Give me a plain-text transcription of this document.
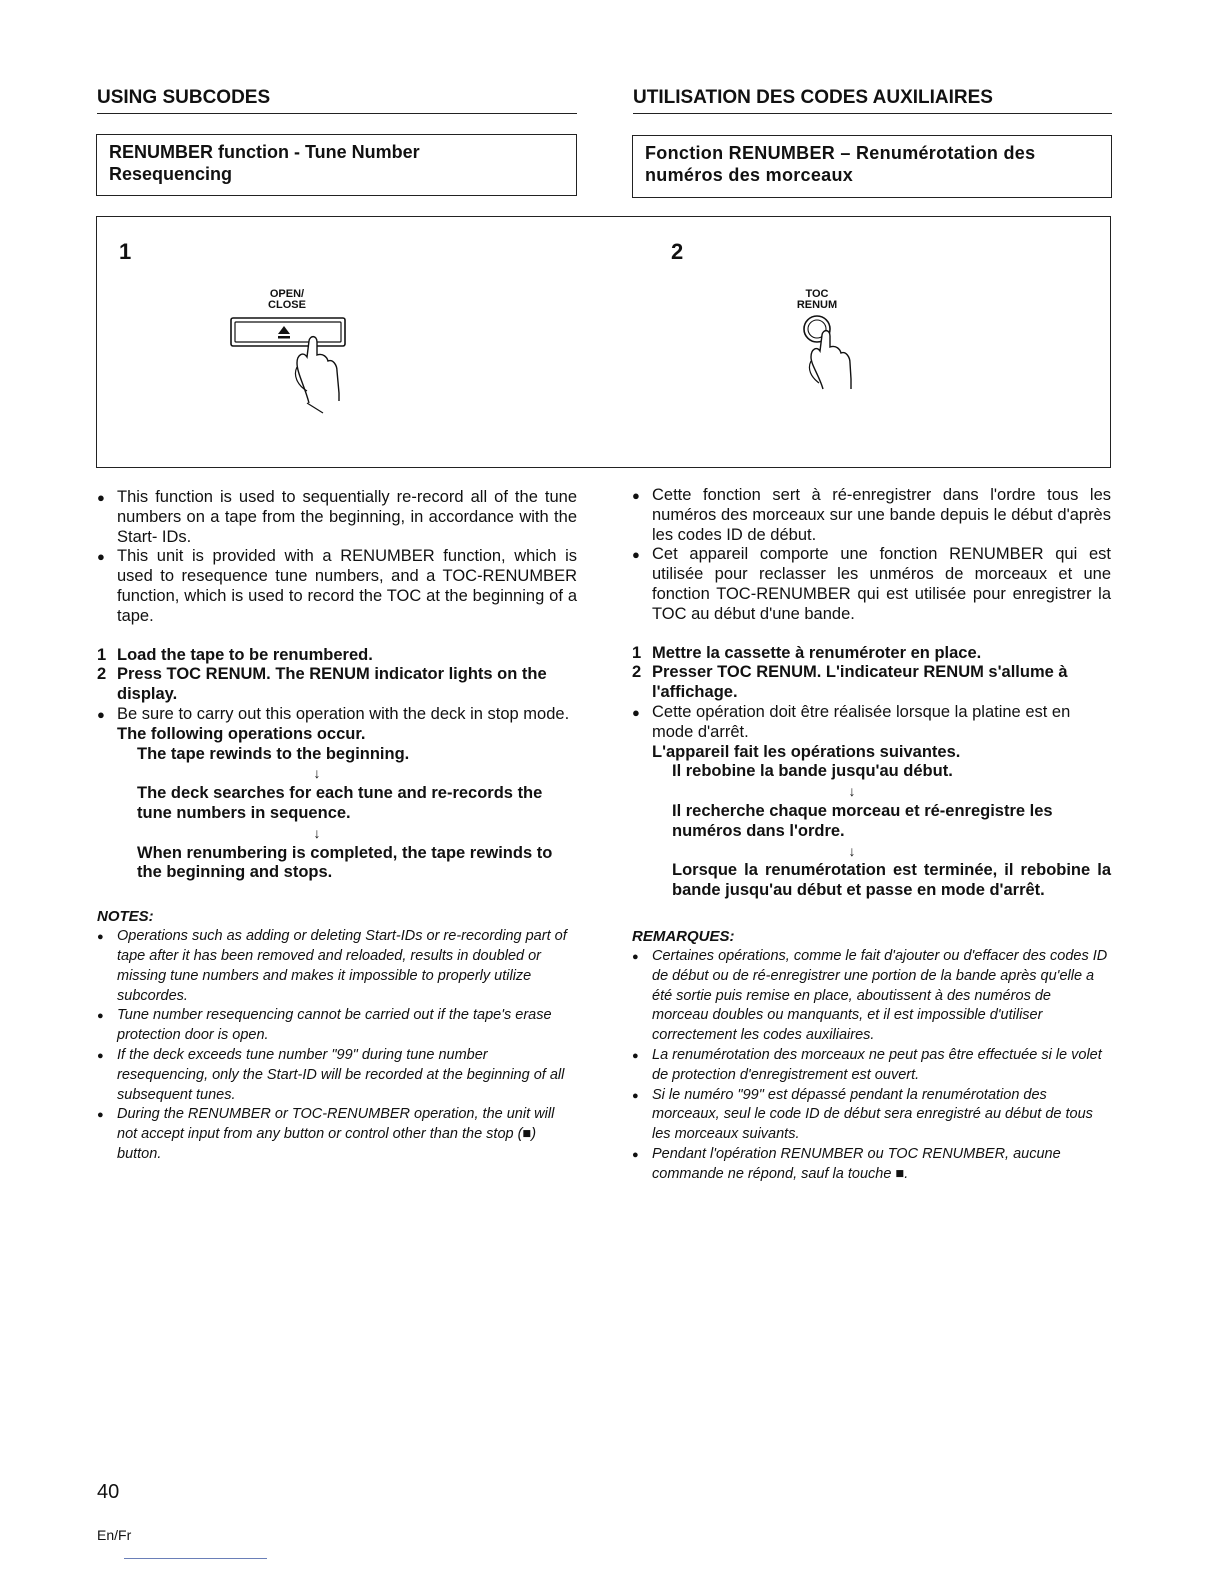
USING SUBCODES	UTILISATION DES CODES AUXILIAIRES
RENUMBER function - Tune Number
Resequencing
Fonction RENUMBER – Renumérotation des
numéros des morceaux
1
OPEN/
CLOSE
2
TOC
RENUM
● This function is used to sequentially re-record all of the tune numbers on a tape from the beginning, in accordance with the Start- IDs.
● This unit is provided with a RENUMBER function, which is used to resequence tune numbers, and a TOC-RENUMBER function, which is used to record the TOC at the beginning of a tape.
1 Load the tape to be renumbered.
2 Press TOC RENUM. The RENUM indicator lights on the display.
● Be sure to carry out this operation with the deck in stop mode.
The following operations occur.
The tape rewinds to the beginning.
↓
The deck searches for each tune and re-records the tune numbers in sequence.
↓
When renumbering is completed, the tape rewinds to the beginning and stops.
NOTES:
● Operations such as adding or deleting Start-IDs or re-recording part of tape after it has been removed and reloaded, results in doubled or missing tune numbers and makes it impossible to properly utilize subcordes.
● Tune number resequencing cannot be carried out if the tape's erase protection door is open.
● If the deck exceeds tune number "99" during tune number resequencing, only the Start-ID will be recorded at the beginning of all subsequent tunes.
● During the RENUMBER or TOC-RENUMBER operation, the unit will not accept input from any button or control other than the stop (■) button.
● Cette fonction sert à ré-enregistrer dans l'ordre tous les numéros des morceaux sur une bande depuis le début d'après les codes ID de début.
● Cet appareil comporte une fonction RENUMBER qui est utilisée pour reclasser les unméros de morceaux et une fonction TOC-RENUMBER qui est utilisée pour enregistrer la TOC au début d'une bande.
1 Mettre la cassette à renuméroter en place.
2 Presser TOC RENUM. L'indicateur RENUM s'allume à l'affichage.
● Cette opération doit être réalisée lorsque la platine est en mode d'arrêt.
L'appareil fait les opérations suivantes.
Il rebobine la bande jusqu'au début.
↓
Il recherche chaque morceau et ré-enregistre les numéros dans l'ordre.
↓
Lorsque la renumérotation est terminée, il rebobine la bande jusqu'au début et passe en mode d'arrêt.
REMARQUES:
● Certaines opérations, comme le fait d'ajouter ou d'effacer des codes ID de début ou de ré-enregistrer une portion de la bande après qu'elle a été sortie puis remise en place, aboutissent à des numéros de morceau doubles ou manquants, et il est impossible d'utiliser correctement les codes auxiliaires.
● La renumérotation des morceaux ne peut pas être effectuée si le volet de protection d'enregistrement est ouvert.
● Si le numéro "99" est dépassé pendant la renumérotation des morceaux, seul le code ID de début sera enregistré au début de tous les morceaux suivants.
● Pendant l'opération RENUMBER ou TOC RENUMBER, aucune commande ne répond, sauf la touche ■.
40
En/Fr
